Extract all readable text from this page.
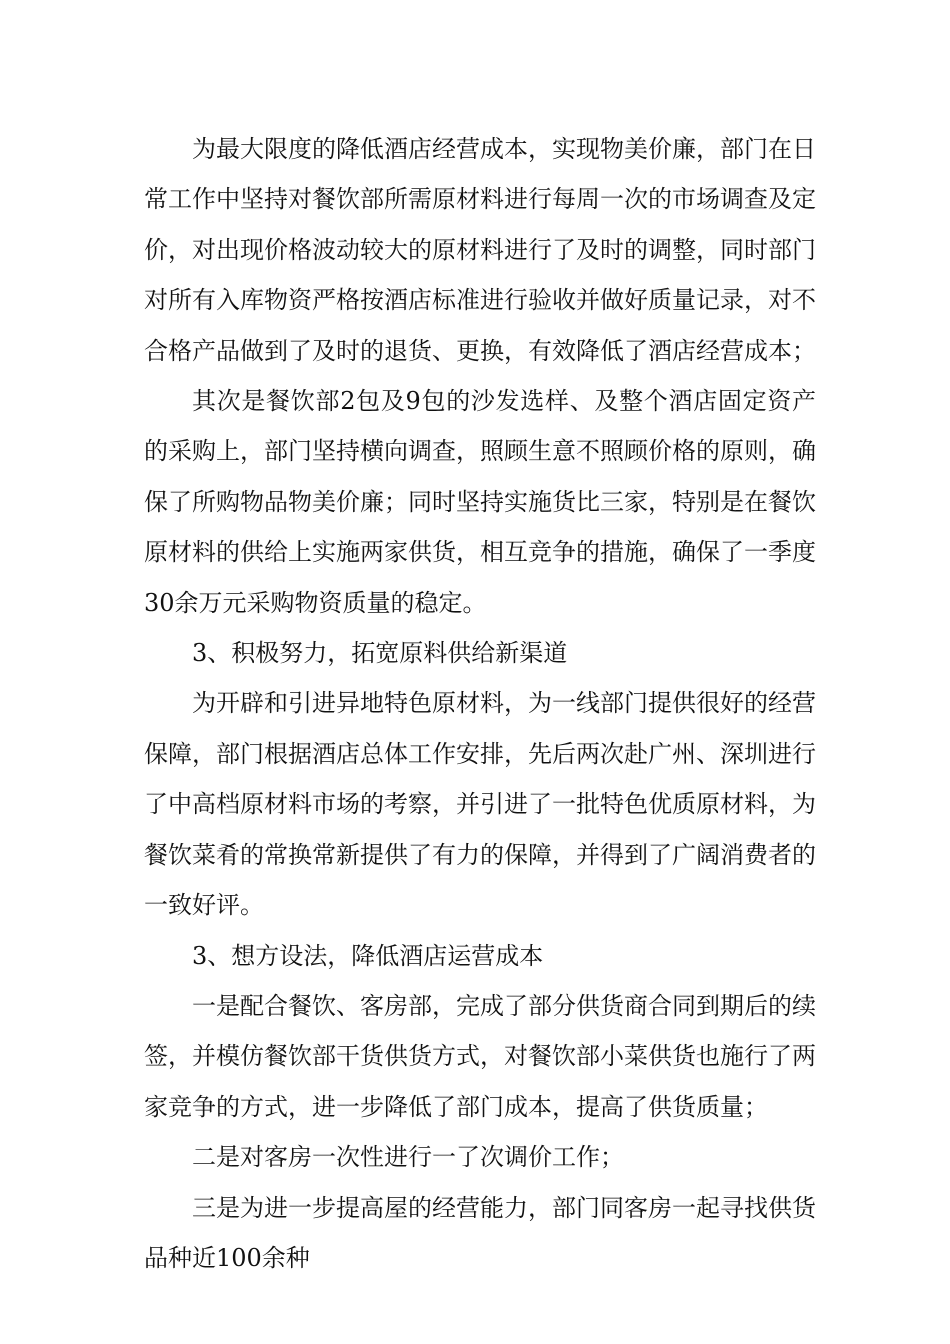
为最大限度的降低酒店经营成本，实现物美价廉，部门在日常工作中坚持对餐饮部所需原材料进行每周一次的市场调查及定价，对出现价格波动较大的原材料进行了及时的调整，同时部门对所有入库物资严格按酒店标准进行验收并做好质量记录，对不合格产品做到了及时的退货、更换，有效降低了酒店经营成本；

其次是餐饮部2包及9包的沙发选样、及整个酒店固定资产的采购上，部门坚持横向调查，照顾生意不照顾价格的原则，确保了所购物品物美价廉；同时坚持实施货比三家，特别是在餐饮原材料的供给上实施两家供货，相互竞争的措施，确保了一季度30余万元采购物资质量的稳定。

3、积极努力，拓宽原料供给新渠道

为开辟和引进异地特色原材料，为一线部门提供很好的经营保障，部门根据酒店总体工作安排，先后两次赴广州、深圳进行了中高档原材料市场的考察，并引进了一批特色优质原材料，为餐饮菜肴的常换常新提供了有力的保障，并得到了广阔消费者的一致好评。

3、想方设法，降低酒店运营成本

一是配合餐饮、客房部，完成了部分供货商合同到期后的续签，并模仿餐饮部干货供货方式，对餐饮部小菜供货也施行了两家竞争的方式，进一步降低了部门成本，提高了供货质量；

二是对客房一次性进行一了次调价工作；

三是为进一步提高屋的经营能力，部门同客房一起寻找供货品种近100余种
